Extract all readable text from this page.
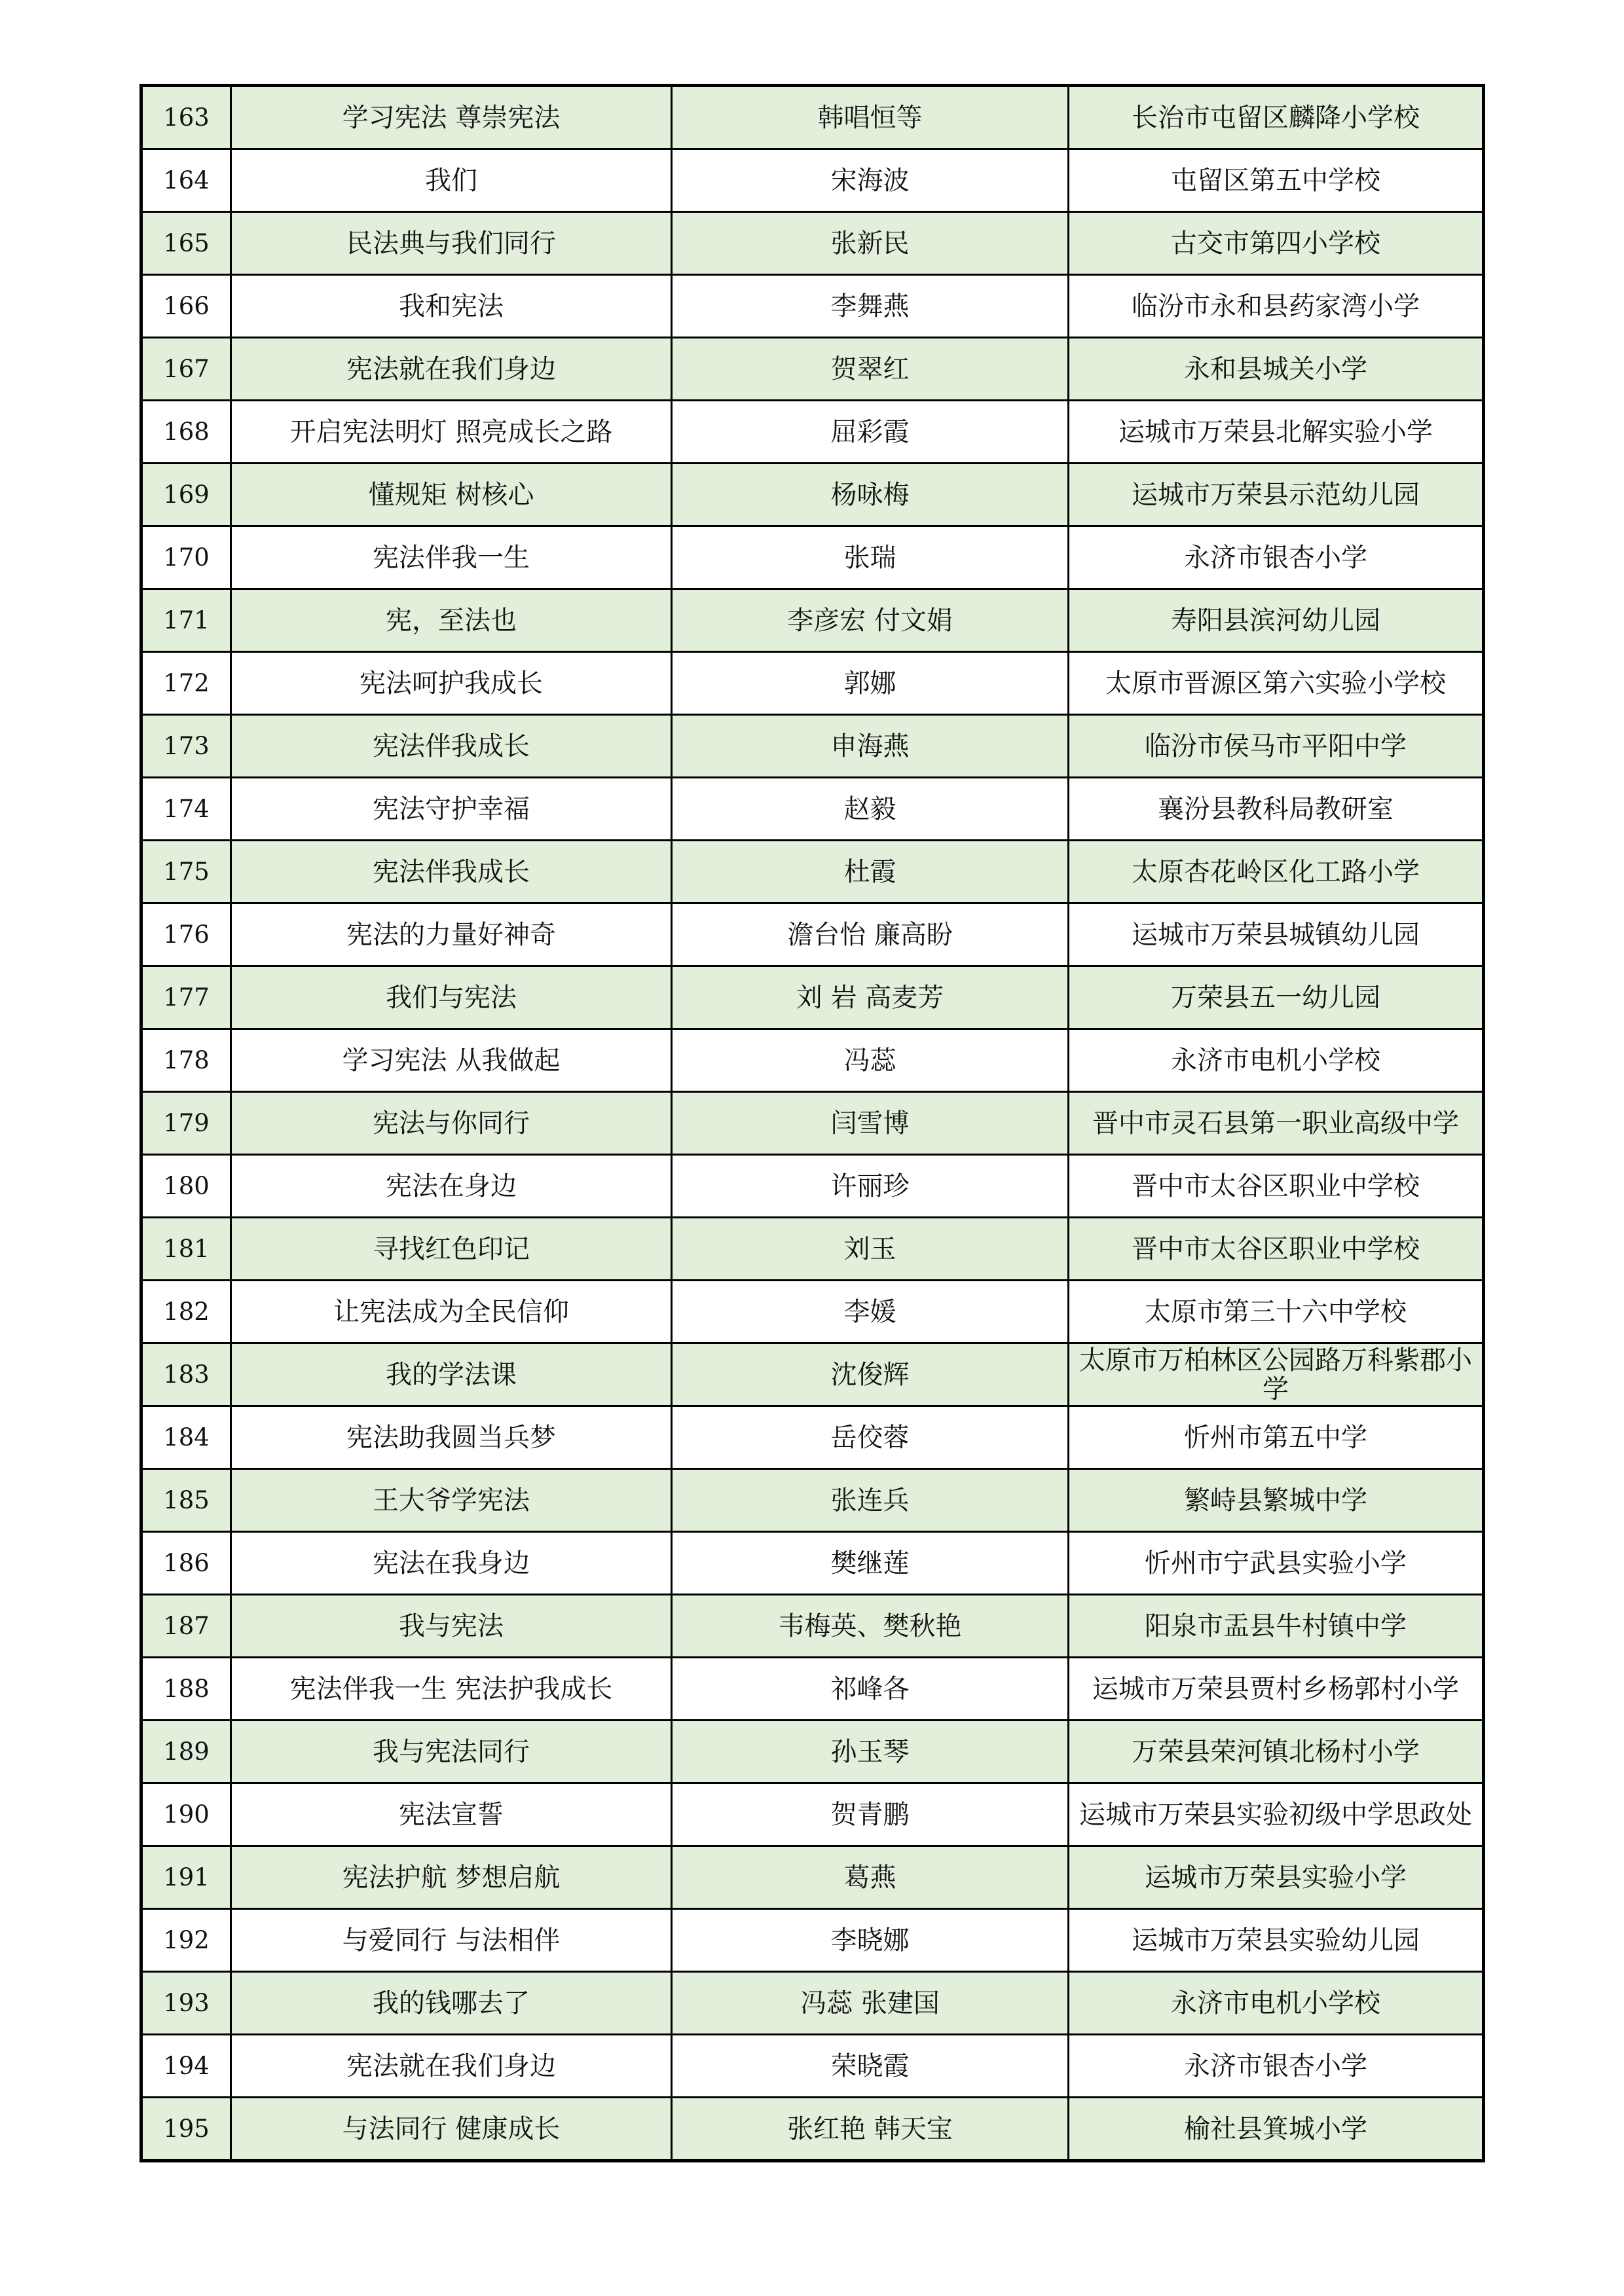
163	学习宪法 尊崇宪法	韩唱恒等	长治市屯留区麟降小学校
164	我们	宋海波	屯留区第五中学校
165	民法典与我们同行	张新民	古交市第四小学校
166	我和宪法	李舞燕	临汾市永和县药家湾小学
167	宪法就在我们身边	贺翠红	永和县城关小学
168	开启宪法明灯 照亮成长之路	屈彩霞	运城市万荣县北解实验小学
169	懂规矩 树核心	杨咏梅	运城市万荣县示范幼儿园
170	宪法伴我一生	张瑞	永济市银杏小学
171	宪，至法也	李彦宏 付文娟	寿阳县滨河幼儿园
172	宪法呵护我成长	郭娜	太原市晋源区第六实验小学校
173	宪法伴我成长	申海燕	临汾市侯马市平阳中学
174	宪法守护幸福	赵毅	襄汾县教科局教研室
175	宪法伴我成长	杜霞	太原杏花岭区化工路小学
176	宪法的力量好神奇	澹台怡 廉高盼	运城市万荣县城镇幼儿园
177	我们与宪法	刘 岩 高麦芳	万荣县五一幼儿园
178	学习宪法 从我做起	冯蕊	永济市电机小学校
179	宪法与你同行	闫雪博	晋中市灵石县第一职业高级中学
180	宪法在身边	许丽珍	晋中市太谷区职业中学校
181	寻找红色印记	刘玉	晋中市太谷区职业中学校
182	让宪法成为全民信仰	李媛	太原市第三十六中学校
183	我的学法课	沈俊辉	太原市万柏林区公园路万科紫郡小学
184	宪法助我圆当兵梦	岳佼蓉	忻州市第五中学
185	王大爷学宪法	张连兵	繁峙县繁城中学
186	宪法在我身边	樊继莲	忻州市宁武县实验小学
187	我与宪法	韦梅英、樊秋艳	阳泉市盂县牛村镇中学
188	宪法伴我一生 宪法护我成长	祁峰各	运城市万荣县贾村乡杨郭村小学
189	我与宪法同行	孙玉琴	万荣县荣河镇北杨村小学
190	宪法宣誓	贺青鹏	运城市万荣县实验初级中学思政处
191	宪法护航 梦想启航	葛燕	运城市万荣县实验小学
192	与爱同行 与法相伴	李晓娜	运城市万荣县实验幼儿园
193	我的钱哪去了	冯蕊 张建国	永济市电机小学校
194	宪法就在我们身边	荣晓霞	永济市银杏小学
195	与法同行 健康成长	张红艳 韩天宝	榆社县箕城小学
